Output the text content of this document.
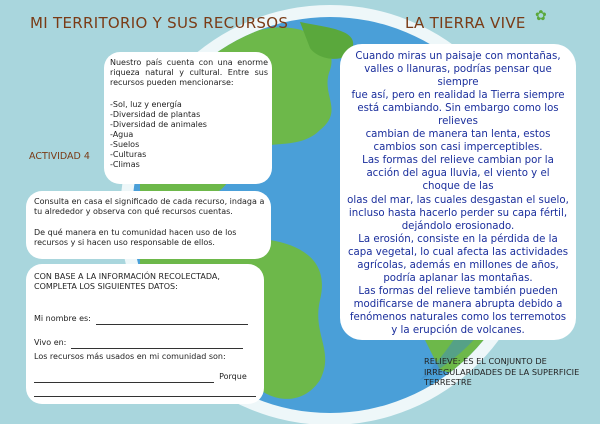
✿
MI TERRITORIO Y SUS RECURSOS	LA TIERRA VIVE
ACTIVIDAD 4
Nuestro país cuenta con una enorme riqueza natural y cultural. Entre sus recursos pueden mencionarse:
-Sol, luz y energía
-Diversidad de plantas
-Diversidad de animales
-Agua
-Suelos
-Culturas
-Climas
Consulta en casa el significado de cada recurso, indaga a tu alrededor y observa con qué recursos cuentas.
De qué manera en tu comunidad hacen uso de los recursos y si hacen uso responsable de ellos.
CON BASE A LA INFORMACIÓN RECOLECTADA, COMPLETA LOS SIGUIENTES DATOS:
Mi nombre es:
Vivo en:
Los recursos más usados en mi comunidad son:
Porque
Cuando miras un paisaje con montañas, valles o llanuras, podrías pensar que siempre
fue así, pero en realidad la Tierra siempre está cambiando. Sin embargo como los relieves
cambian de manera tan lenta, estos cambios son casi imperceptibles.
Las formas del relieve cambian por la acción del agua lluvia, el viento y el choque de las
olas del mar, las cuales desgastan el suelo, incluso hasta hacerlo perder su capa fértil, dejándolo erosionado.
La erosión, consiste en la pérdida de la capa vegetal, lo cual afecta las actividades agrícolas, además en millones de años, podría aplanar las montañas.
Las formas del relieve también pueden modificarse de manera abrupta debido a fenómenos naturales como los terremotos y la erupción de volcanes.
RELIEVE: ES EL CONJUNTO DE IRREGULARIDADES DE LA SUPERFICIE TERRESTRE
